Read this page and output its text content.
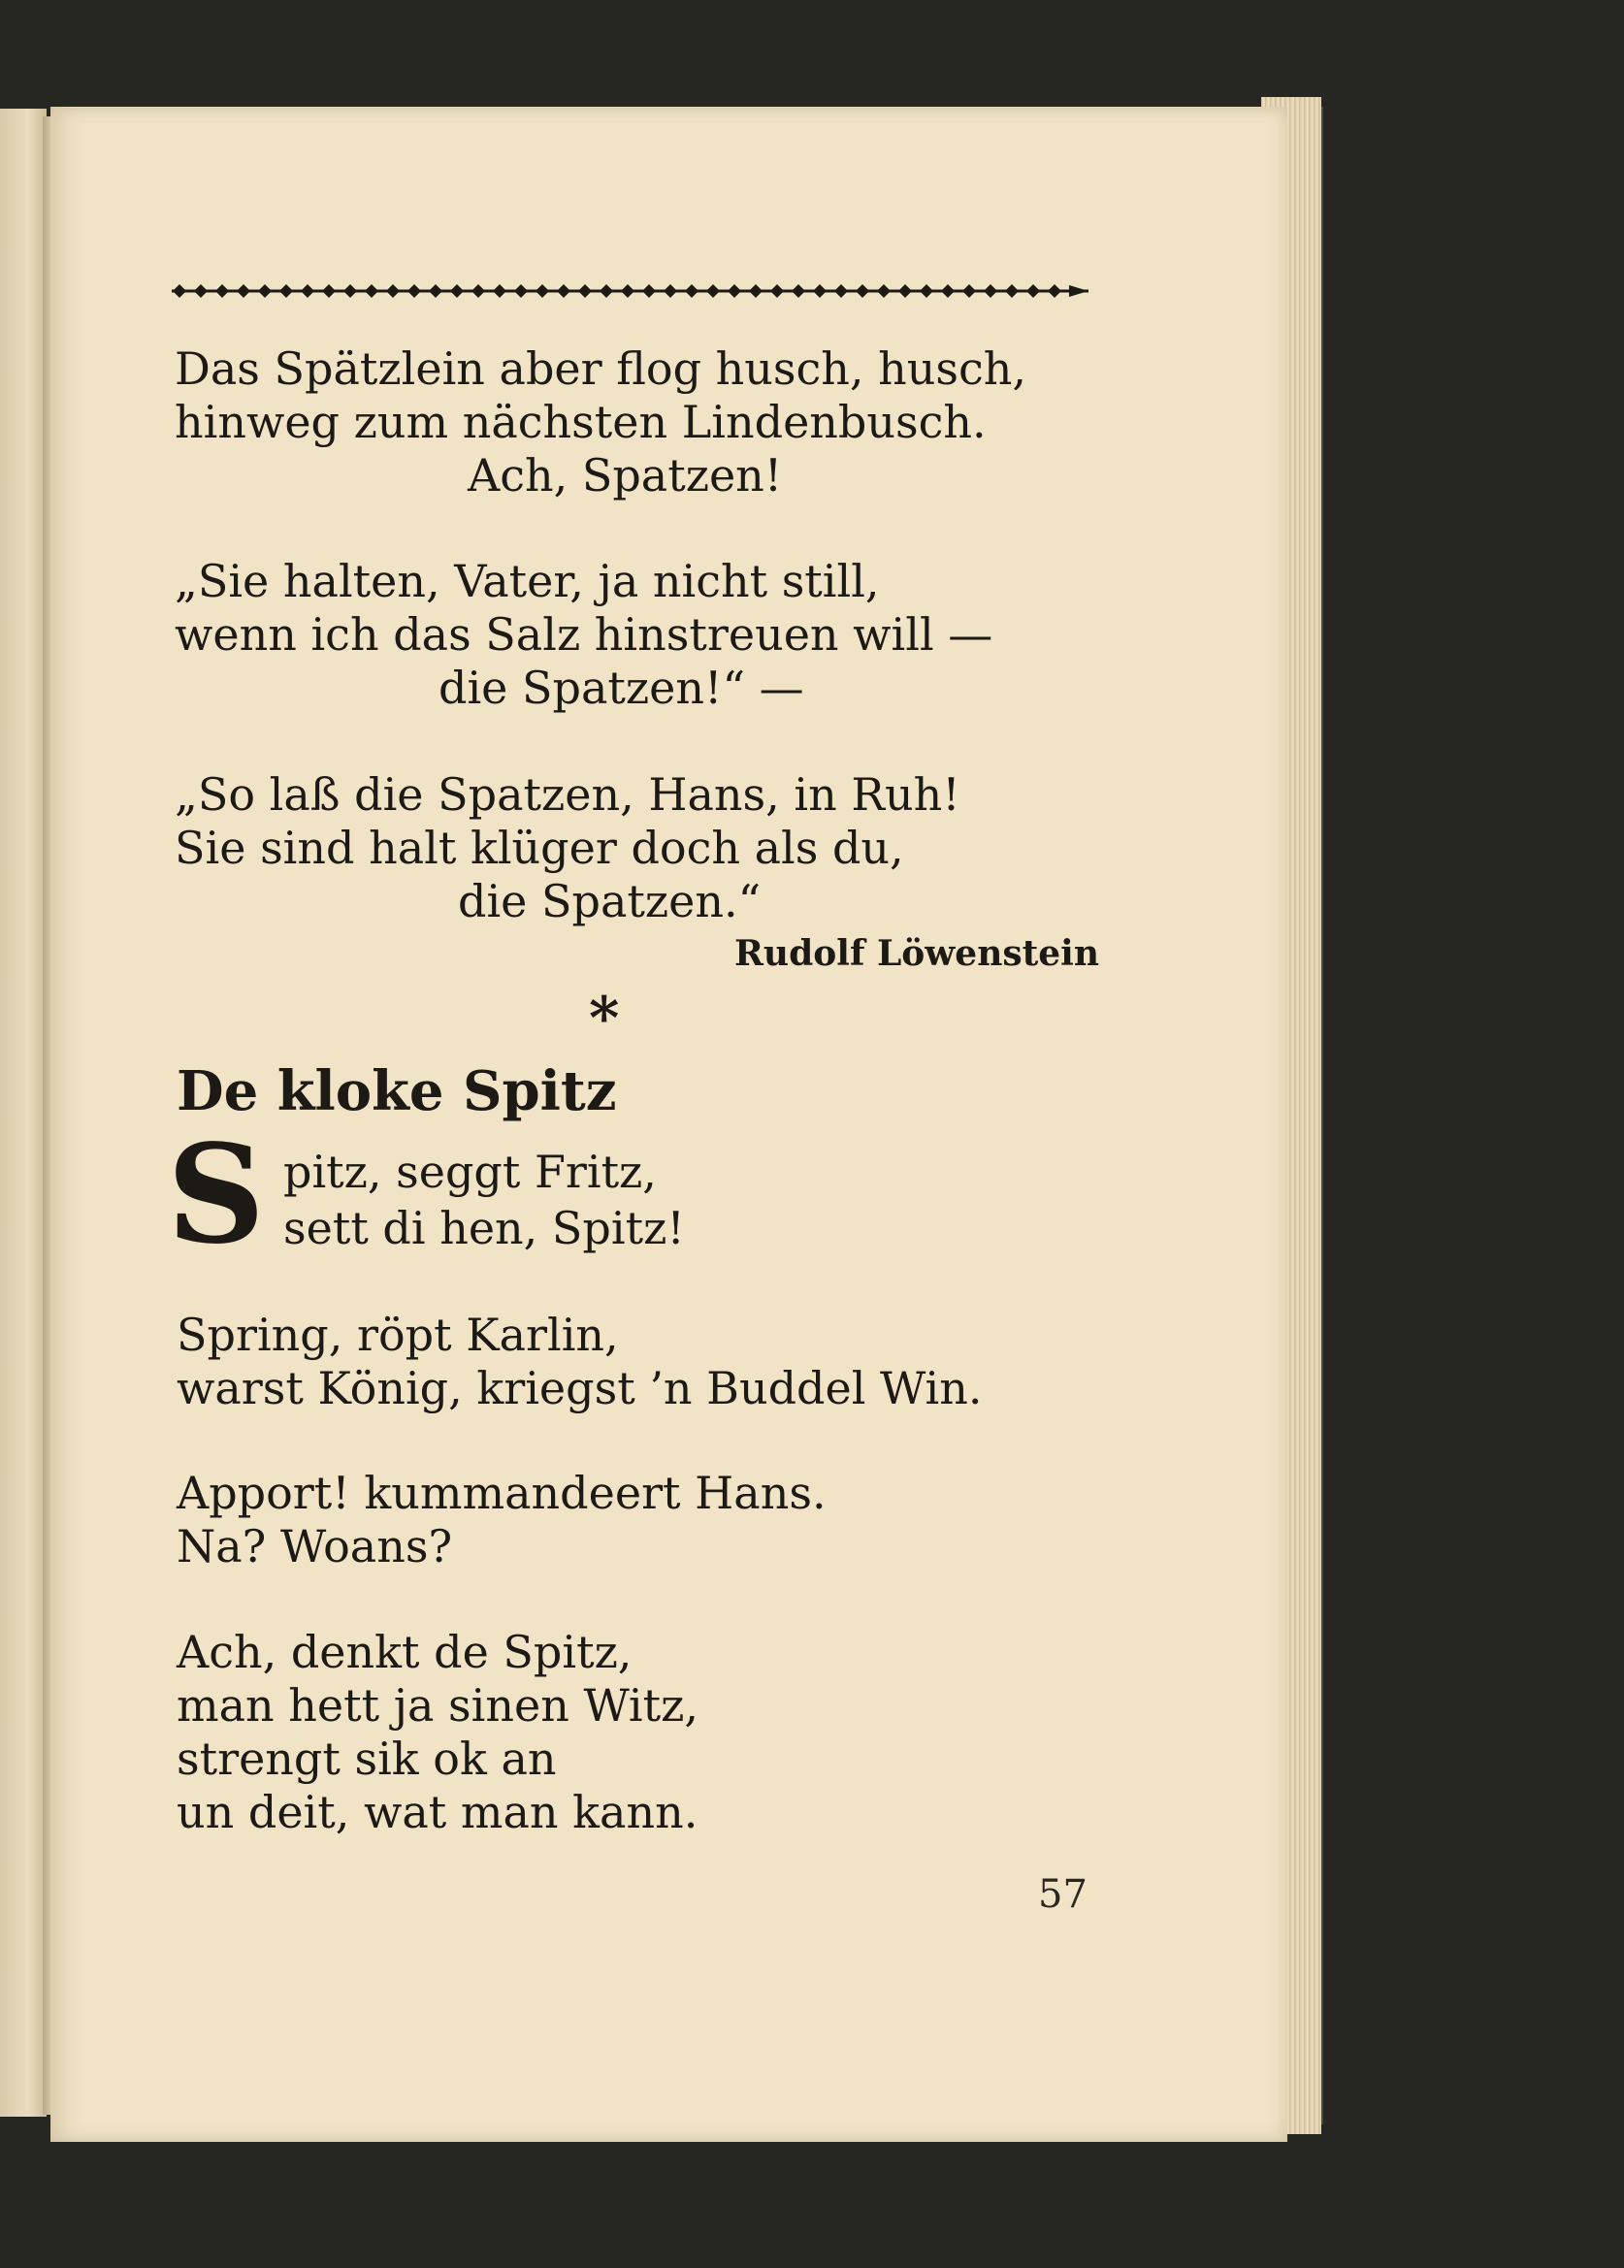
Das Spätzlein aber flog husch, husch,
hinweg zum nächsten Lindenbusch.
Ach, Spatzen!
„Sie halten, Vater, ja nicht still,
wenn ich das Salz hinstreuen will —
die Spatzen!“ —
„So laß die Spatzen, Hans, in Ruh!
Sie sind halt klüger doch als du,
die Spatzen.“
Rudolf Löwenstein
*
De kloke Spitz
S pitz, seggt Fritz,
sett di hen, Spitz!
Spring, röpt Karlin,
warst König, kriegst ’n Buddel Win.
Apport! kummandeert Hans.
Na? Woans?
Ach, denkt de Spitz,
man hett ja sinen Witz,
strengt sik ok an
un deit, wat man kann.
57
